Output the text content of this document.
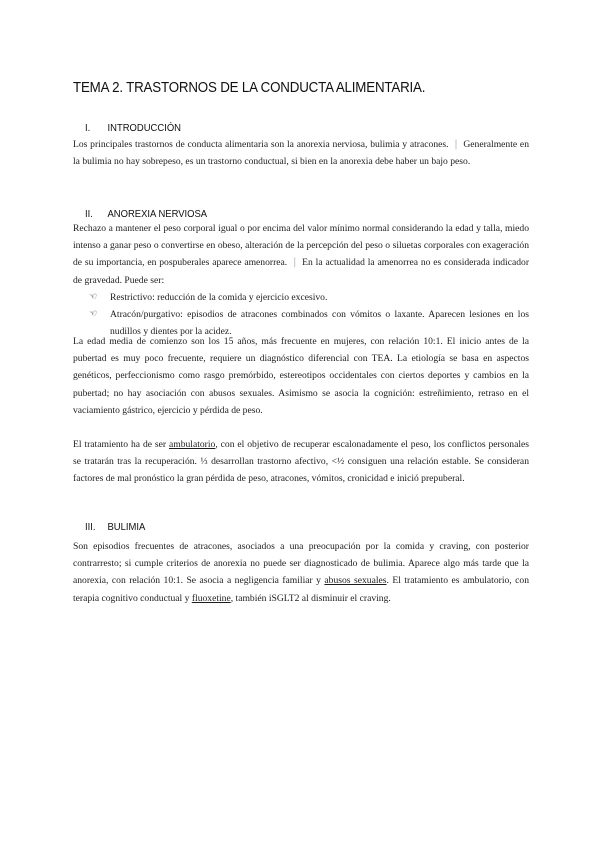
TEMA 2. TRASTORNOS DE LA CONDUCTA ALIMENTARIA.
I. INTRODUCCIÓN
Los principales trastornos de conducta alimentaria son la anorexia nerviosa, bulimia y atracones. | Generalmente en la bulimia no hay sobrepeso, es un trastorno conductual, si bien en la anorexia debe haber un bajo peso.
II. ANOREXIA NERVIOSA
Rechazo a mantener el peso corporal igual o por encima del valor mínimo normal considerando la edad y talla, miedo intenso a ganar peso o convertirse en obeso, alteración de la percepción del peso o siluetas corporales con exageración de su importancia, en pospuberales aparece amenorrea. | En la actualidad la amenorrea no es considerada indicador de gravedad. Puede ser:
☜ Restrictivo: reducción de la comida y ejercicio excesivo.
☜ Atracón/purgativo: episodios de atracones combinados con vómitos o laxante. Aparecen lesiones en los nudillos y dientes por la acidez.
La edad media de comienzo son los 15 años, más frecuente en mujeres, con relación 10:1. El inicio antes de la pubertad es muy poco frecuente, requiere un diagnóstico diferencial con TEA. La etiología se basa en aspectos genéticos, perfeccionismo como rasgo premórbido, estereotipos occidentales con ciertos deportes y cambios en la pubertad; no hay asociación con abusos sexuales. Asimismo se asocia la cognición: estreñimiento, retraso en el vaciamiento gástrico, ejercicio y pérdida de peso.
El tratamiento ha de ser ambulatorio, con el objetivo de recuperar escalonadamente el peso, los conflictos personales se tratarán tras la recuperación. ⅓ desarrollan trastorno afectivo, <½ consiguen una relación estable. Se consideran factores de mal pronóstico la gran pérdida de peso, atracones, vómitos, cronicidad e inició prepuberal.
III. BULIMIA
Son episodios frecuentes de atracones, asociados a una preocupación por la comida y craving, con posterior contrarresto; si cumple criterios de anorexia no puede ser diagnosticado de bulimia. Aparece algo más tarde que la anorexia, con relación 10:1. Se asocia a negligencia familiar y abusos sexuales. El tratamiento es ambulatorio, con terapia cognitivo conductual y fluoxetine, también iSGLT2 al disminuir el craving.
